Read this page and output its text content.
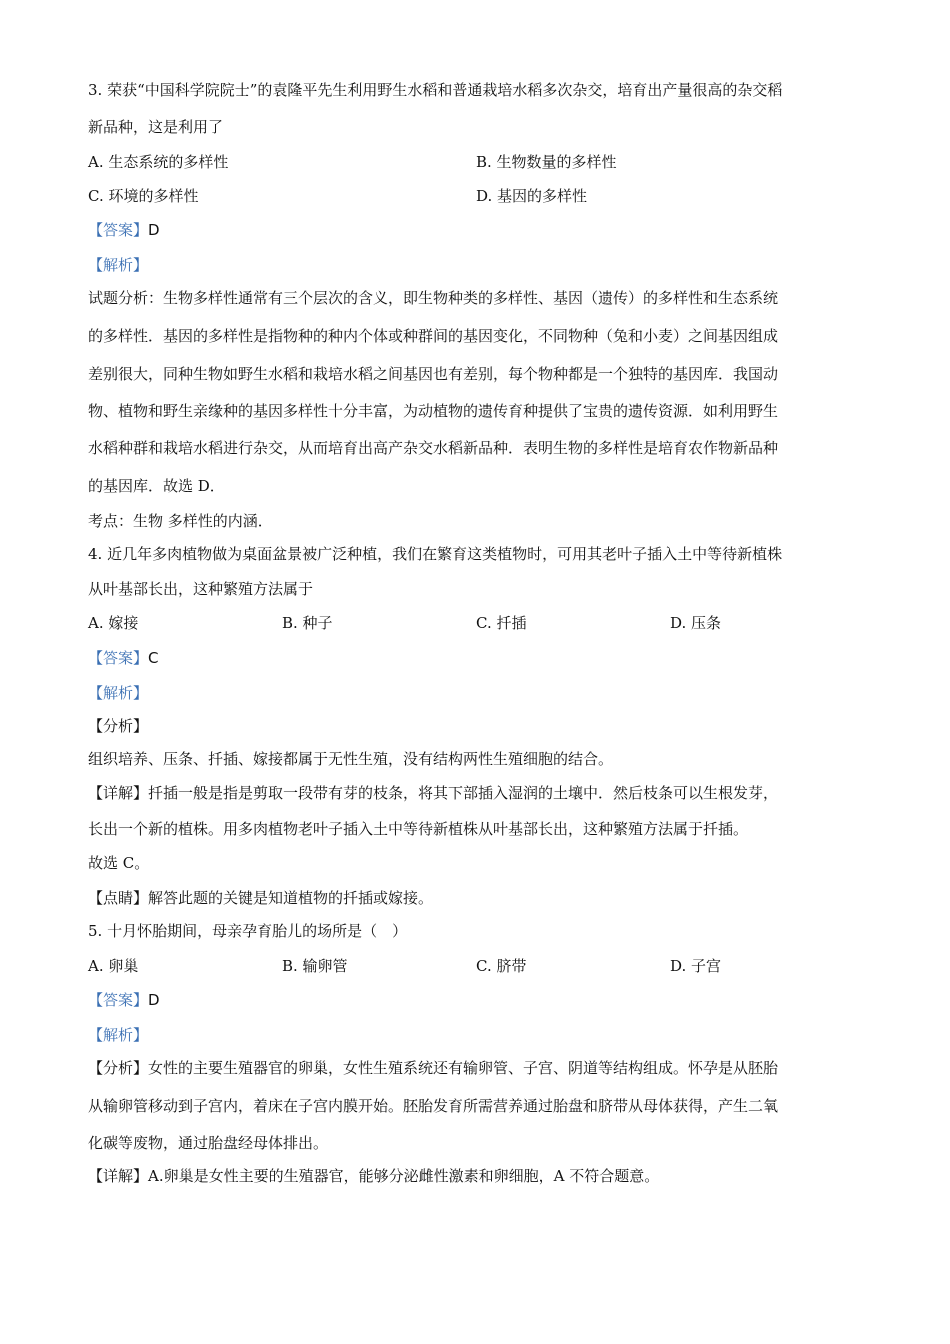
3. 荣获“中国科学院院士”的袁隆平先生利用野生水稻和普通栽培水稻多次杂交，培育出产量很高的杂交稻
新品种，这是利用了
A. 生态系统的多样性	B. 生物数量的多样性
C. 环境的多样性	D. 基因的多样性
【答案】D
【解析】
试题分析：生物多样性通常有三个层次的含义，即生物种类的多样性、基因（遗传）的多样性和生态系统
的多样性．基因的多样性是指物种的种内个体或种群间的基因变化，不同物种（兔和小麦）之间基因组成
差别很大，同种生物如野生水稻和栽培水稻之间基因也有差别，每个物种都是一个独特的基因库．我国动
物、植物和野生亲缘种的基因多样性十分丰富，为动植物的遗传育种提供了宝贵的遗传资源．如利用野生
水稻种群和栽培水稻进行杂交，从而培育出高产杂交水稻新品种．表明生物的多样性是培育农作物新品种
的基因库．故选 D．
考点：生物 多样性的内涵．
4. 近几年多肉植物做为桌面盆景被广泛种植，我们在繁育这类植物时，可用其老叶子插入土中等待新植株
从叶基部长出，这种繁殖方法属于
A. 嫁接	B. 种子	C. 扦插	D. 压条
【答案】C
【解析】
【分析】
组织培养、压条、扦插、嫁接都属于无性生殖，没有结构两性生殖细胞的结合。
【详解】扦插一般是指是剪取一段带有芽的枝条，将其下部插入湿润的土壤中．然后枝条可以生根发芽，
长出一个新的植株。用多肉植物老叶子插入土中等待新植株从叶基部长出，这种繁殖方法属于扦插。
故选 C。
【点睛】解答此题的关键是知道植物的扦插或嫁接。
5. 十月怀胎期间，母亲孕育胎儿的场所是（　）
A. 卵巢	B. 输卵管	C. 脐带	D. 子宫
【答案】D
【解析】
【分析】女性的主要生殖器官的卵巢，女性生殖系统还有输卵管、子宫、阴道等结构组成。怀孕是从胚胎
从输卵管移动到子宫内，着床在子宫内膜开始。胚胎发育所需营养通过胎盘和脐带从母体获得，产生二氧
化碳等废物，通过胎盘经母体排出。
【详解】A.卵巢是女性主要的生殖器官，能够分泌雌性激素和卵细胞，A 不符合题意。
